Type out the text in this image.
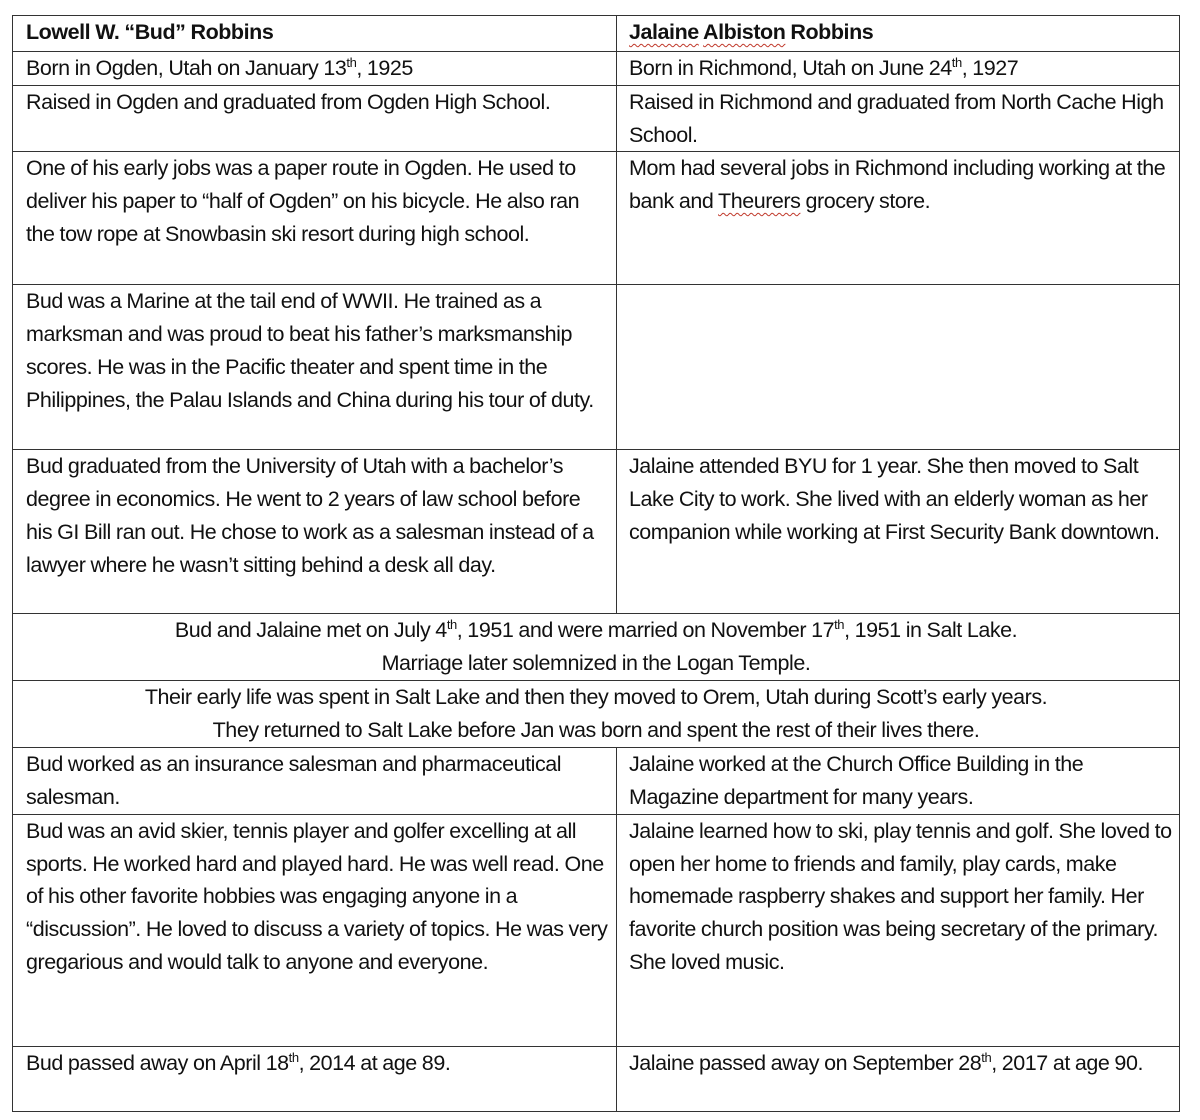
Lowell W. “Bud” Robbins	Jalaine Albiston Robbins
Born in Ogden, Utah on January 13th, 1925	Born in Richmond, Utah on June 24th, 1927
Raised in Ogden and graduated from Ogden High School.	Raised in Richmond and graduated from North Cache High School.
One of his early jobs was a paper route in Ogden. He used to deliver his paper to “half of Ogden” on his bicycle. He also ran the tow rope at Snowbasin ski resort during high school.	Mom had several jobs in Richmond including working at the bank and Theurers grocery store.
Bud was a Marine at the tail end of WWII. He trained as a marksman and was proud to beat his father’s marksmanship scores. He was in the Pacific theater and spent time in the Philippines, the Palau Islands and China during his tour of duty.	
Bud graduated from the University of Utah with a bachelor’s degree in economics. He went to 2 years of law school before his GI Bill ran out. He chose to work as a salesman instead of a lawyer where he wasn’t sitting behind a desk all day.	Jalaine attended BYU for 1 year. She then moved to Salt Lake City to work. She lived with an elderly woman as her companion while working at First Security Bank downtown.
Bud and Jalaine met on July 4th, 1951 and were married on November 17th, 1951 in Salt Lake.
Marriage later solemnized in the Logan Temple.	
Their early life was spent in Salt Lake and then they moved to Orem, Utah during Scott’s early years.
They returned to Salt Lake before Jan was born and spent the rest of their lives there.	
Bud worked as an insurance salesman and pharmaceutical salesman.	Jalaine worked at the Church Office Building in the Magazine department for many years.
Bud was an avid skier, tennis player and golfer excelling at all sports. He worked hard and played hard. He was well read. One of his other favorite hobbies was engaging anyone in a “discussion”. He loved to discuss a variety of topics. He was very gregarious and would talk to anyone and everyone.	Jalaine learned how to ski, play tennis and golf. She loved to open her home to friends and family, play cards, make homemade raspberry shakes and support her family. Her favorite church position was being secretary of the primary. She loved music.
Bud passed away on April 18th, 2014 at age 89.	Jalaine passed away on September 28th, 2017 at age 90.
